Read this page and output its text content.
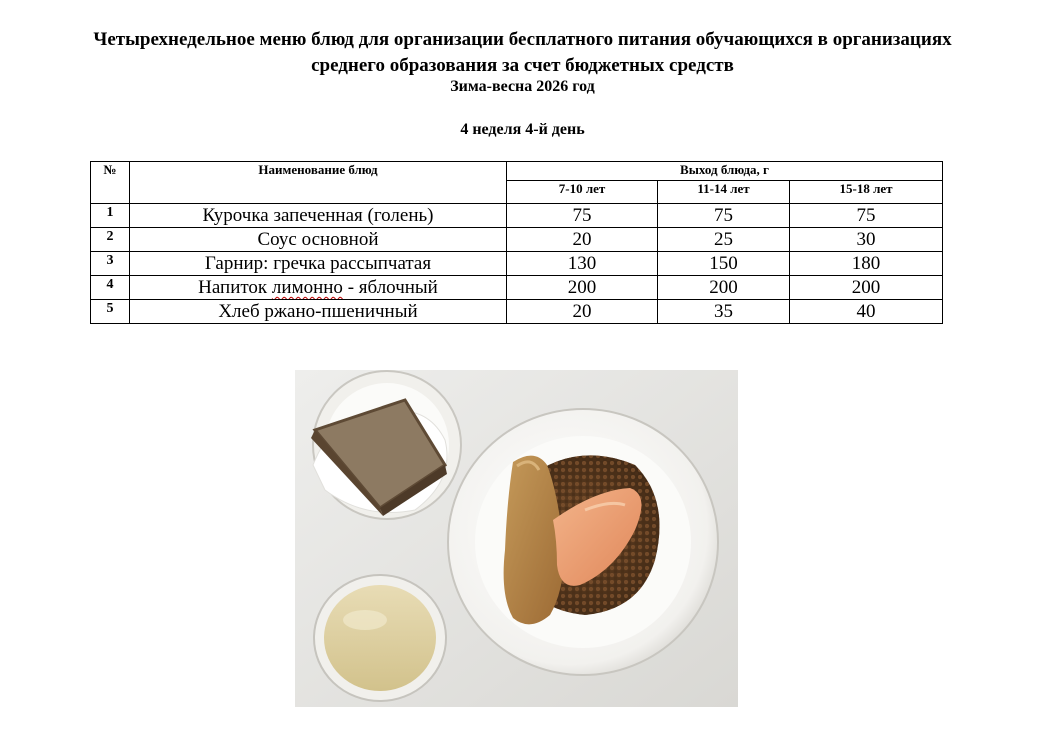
Четырехнедельное меню блюд для организации бесплатного питания обучающихся в организациях
среднего образования за счет бюджетных средств
Зима-весна 2026 год
4 неделя 4-й день
№	Наименование блюд	Выход блюда, г		
		7-10 лет	11-14 лет	15-18 лет
1	Курочка запеченная (голень)	75	75	75
2	Соус основной	20	25	30
3	Гарнир: гречка рассыпчатая	130	150	180
4	Напиток лимонно - яблочный	200	200	200
5	Хлеб ржано-пшеничный	20	35	40
